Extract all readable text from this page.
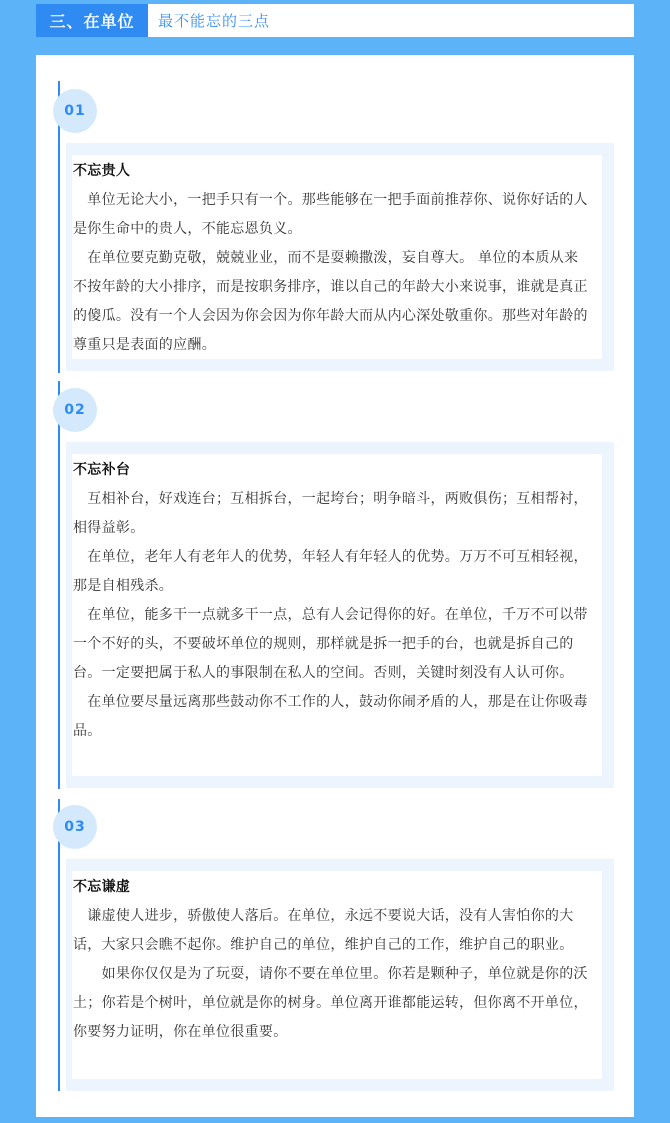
三、在单位	最不能忘的三点
01

不忘贵人

　单位无论大小，一把手只有一个。那些能够在一把手面前推荐你、说你好话的人是你生命中的贵人，不能忘恩负义。

　在单位要克勤克敬，兢兢业业，而不是耍赖撒泼，妄自尊大。 单位的本质从来不按年龄的大小排序，而是按职务排序，谁以自己的年龄大小来说事，谁就是真正的傻瓜。没有一个人会因为你会因为你年龄大而从内心深处敬重你。那些对年龄的尊重只是表面的应酬。

02

不忘补台

　互相补台，好戏连台；互相拆台，一起垮台；明争暗斗，两败俱伤；互相帮衬，相得益彰。

　在单位，老年人有老年人的优势，年轻人有年轻人的优势。万万不可互相轻视，那是自相残杀。

　在单位，能多干一点就多干一点，总有人会记得你的好。在单位，千万不可以带一个不好的头，不要破坏单位的规则，那样就是拆一把手的台，也就是拆自己的台。一定要把属于私人的事限制在私人的空间。否则，关键时刻没有人认可你。

　在单位要尽量远离那些鼓动你不工作的人，鼓动你闹矛盾的人，那是在让你吸毒品。

03

不忘谦虚

　谦虚使人进步，骄傲使人落后。在单位，永远不要说大话，没有人害怕你的大话，大家只会瞧不起你。维护自己的单位，维护自己的工作，维护自己的职业。

　　如果你仅仅是为了玩耍，请你不要在单位里。你若是颗种子，单位就是你的沃土；你若是个树叶，单位就是你的树身。单位离开谁都能运转，但你离不开单位，你要努力证明，你在单位很重要。
